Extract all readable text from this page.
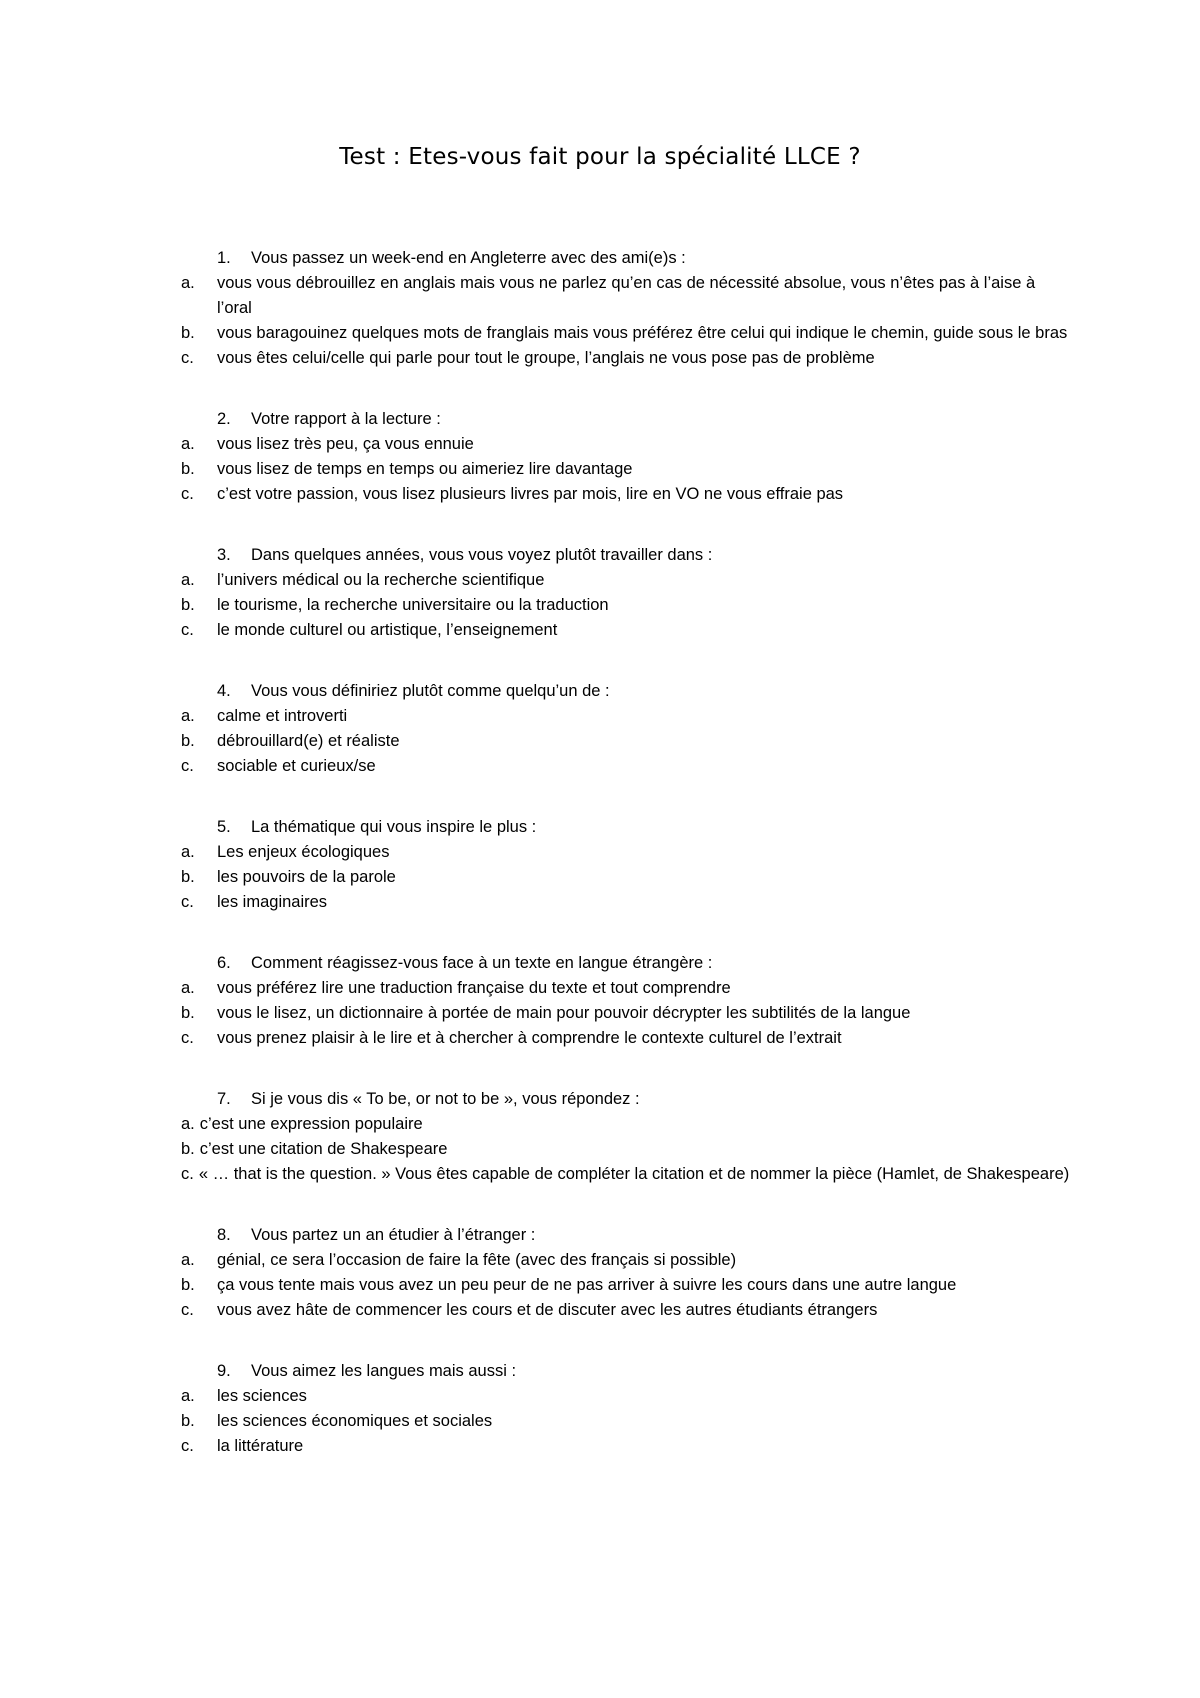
Test : Etes-vous fait pour la spécialité LLCE ?
1. Vous passez un week-end en Angleterre avec des ami(e)s :
a. vous vous débrouillez en anglais mais vous ne parlez qu’en cas de nécessité absolue, vous n’êtes pas à l’aise à l’oral
b. vous baragouinez quelques mots de franglais mais vous préférez être celui qui indique le chemin, guide sous le bras
c. vous êtes celui/celle qui parle pour tout le groupe, l’anglais ne vous pose pas de problème
2. Votre rapport à la lecture :
a. vous lisez très peu, ça vous ennuie
b. vous lisez de temps en temps ou aimeriez lire davantage
c. c’est votre passion, vous lisez plusieurs livres par mois, lire en VO ne vous effraie pas
3. Dans quelques années, vous vous voyez plutôt travailler dans :
a. l’univers médical ou la recherche scientifique
b. le tourisme, la recherche universitaire ou la traduction
c. le monde culturel ou artistique, l’enseignement
4. Vous vous définiriez plutôt comme quelqu’un de :
a. calme et introverti
b. débrouillard(e) et réaliste
c. sociable et curieux/se
5. La thématique qui vous inspire le plus :
a. Les enjeux écologiques
b. les pouvoirs de la parole
c. les imaginaires
6. Comment réagissez-vous face à un texte en langue étrangère :
a. vous préférez lire une traduction française du texte et tout comprendre
b. vous le lisez, un dictionnaire à portée de main pour pouvoir décrypter les subtilités de la langue
c. vous prenez plaisir à le lire et à chercher à comprendre le contexte culturel de l’extrait
7. Si je vous dis « To be, or not to be », vous répondez :
a. c’est une expression populaire
b. c’est une citation de Shakespeare
c. « … that is the question. » Vous êtes capable de compléter la citation et de nommer la pièce (Hamlet, de Shakespeare)
8. Vous partez un an étudier à l’étranger :
a. génial, ce sera l’occasion de faire la fête (avec des français si possible)
b. ça vous tente mais vous avez un peu peur de ne pas arriver à suivre les cours dans une autre langue
c. vous avez hâte de commencer les cours et de discuter avec les autres étudiants étrangers
9. Vous aimez les langues mais aussi :
a. les sciences
b. les sciences économiques et sociales
c. la littérature
